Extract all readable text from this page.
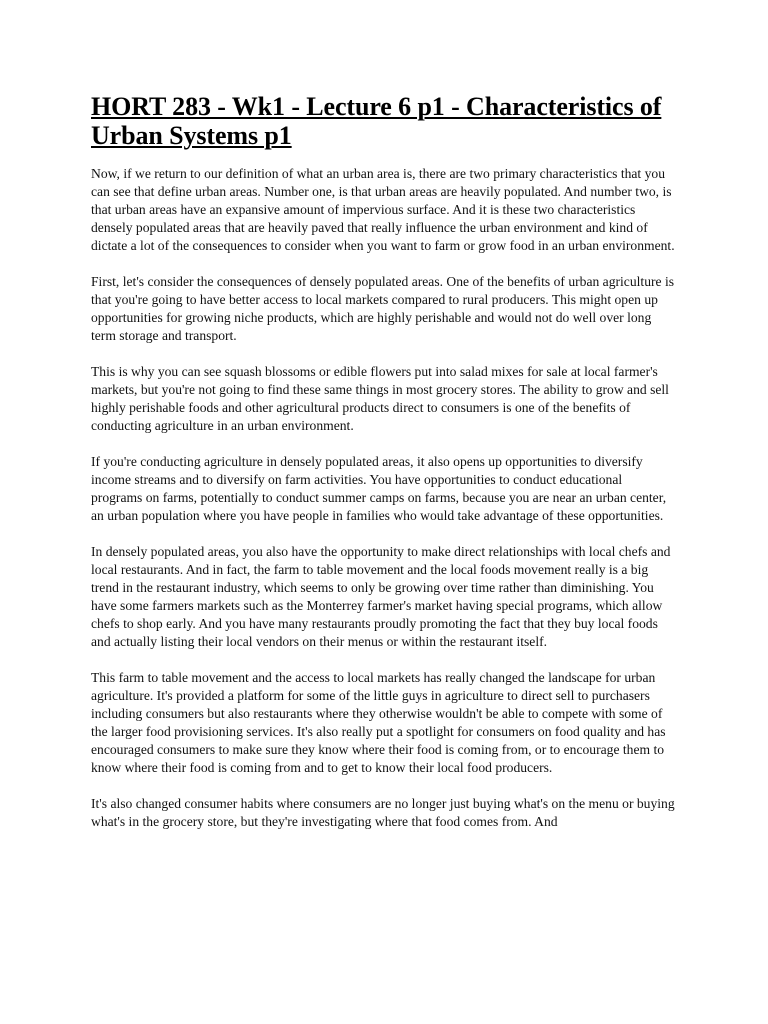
HORT 283 - Wk1 - Lecture 6 p1 - Characteristics of Urban Systems p1

Now, if we return to our definition of what an urban area is, there are two primary characteristics that you can see that define urban areas. Number one, is that urban areas are heavily populated. And number two, is that urban areas have an expansive amount of impervious surface. And it is these two characteristics densely populated areas that are heavily paved that really influence the urban environment and kind of dictate a lot of the consequences to consider when you want to farm or grow food in an urban environment.

First, let's consider the consequences of densely populated areas. One of the benefits of urban agriculture is that you're going to have better access to local markets compared to rural producers. This might open up opportunities for growing niche products, which are highly perishable and would not do well over long term storage and transport.

This is why you can see squash blossoms or edible flowers put into salad mixes for sale at local farmer's markets, but you're not going to find these same things in most grocery stores. The ability to grow and sell highly perishable foods and other agricultural products direct to consumers is one of the benefits of conducting agriculture in an urban environment.

If you're conducting agriculture in densely populated areas, it also opens up opportunities to diversify income streams and to diversify on farm activities. You have opportunities to conduct educational programs on farms, potentially to conduct summer camps on farms, because you are near an urban center, an urban population where you have people in families who would take advantage of these opportunities.

In densely populated areas, you also have the opportunity to make direct relationships with local chefs and local restaurants. And in fact, the farm to table movement and the local foods movement really is a big trend in the restaurant industry, which seems to only be growing over time rather than diminishing. You have some farmers markets such as the Monterrey farmer's market having special programs, which allow chefs to shop early. And you have many restaurants proudly promoting the fact that they buy local foods and actually listing their local vendors on their menus or within the restaurant itself.

This farm to table movement and the access to local markets has really changed the landscape for urban agriculture. It's provided a platform for some of the little guys in agriculture to direct sell to purchasers including consumers but also restaurants where they otherwise wouldn't be able to compete with some of the larger food provisioning services. It's also really put a spotlight for consumers on food quality and has encouraged consumers to make sure they know where their food is coming from, or to encourage them to know where their food is coming from and to get to know their local food producers.

It's also changed consumer habits where consumers are no longer just buying what's on the menu or buying what's in the grocery store, but they're investigating where that food comes from. And
